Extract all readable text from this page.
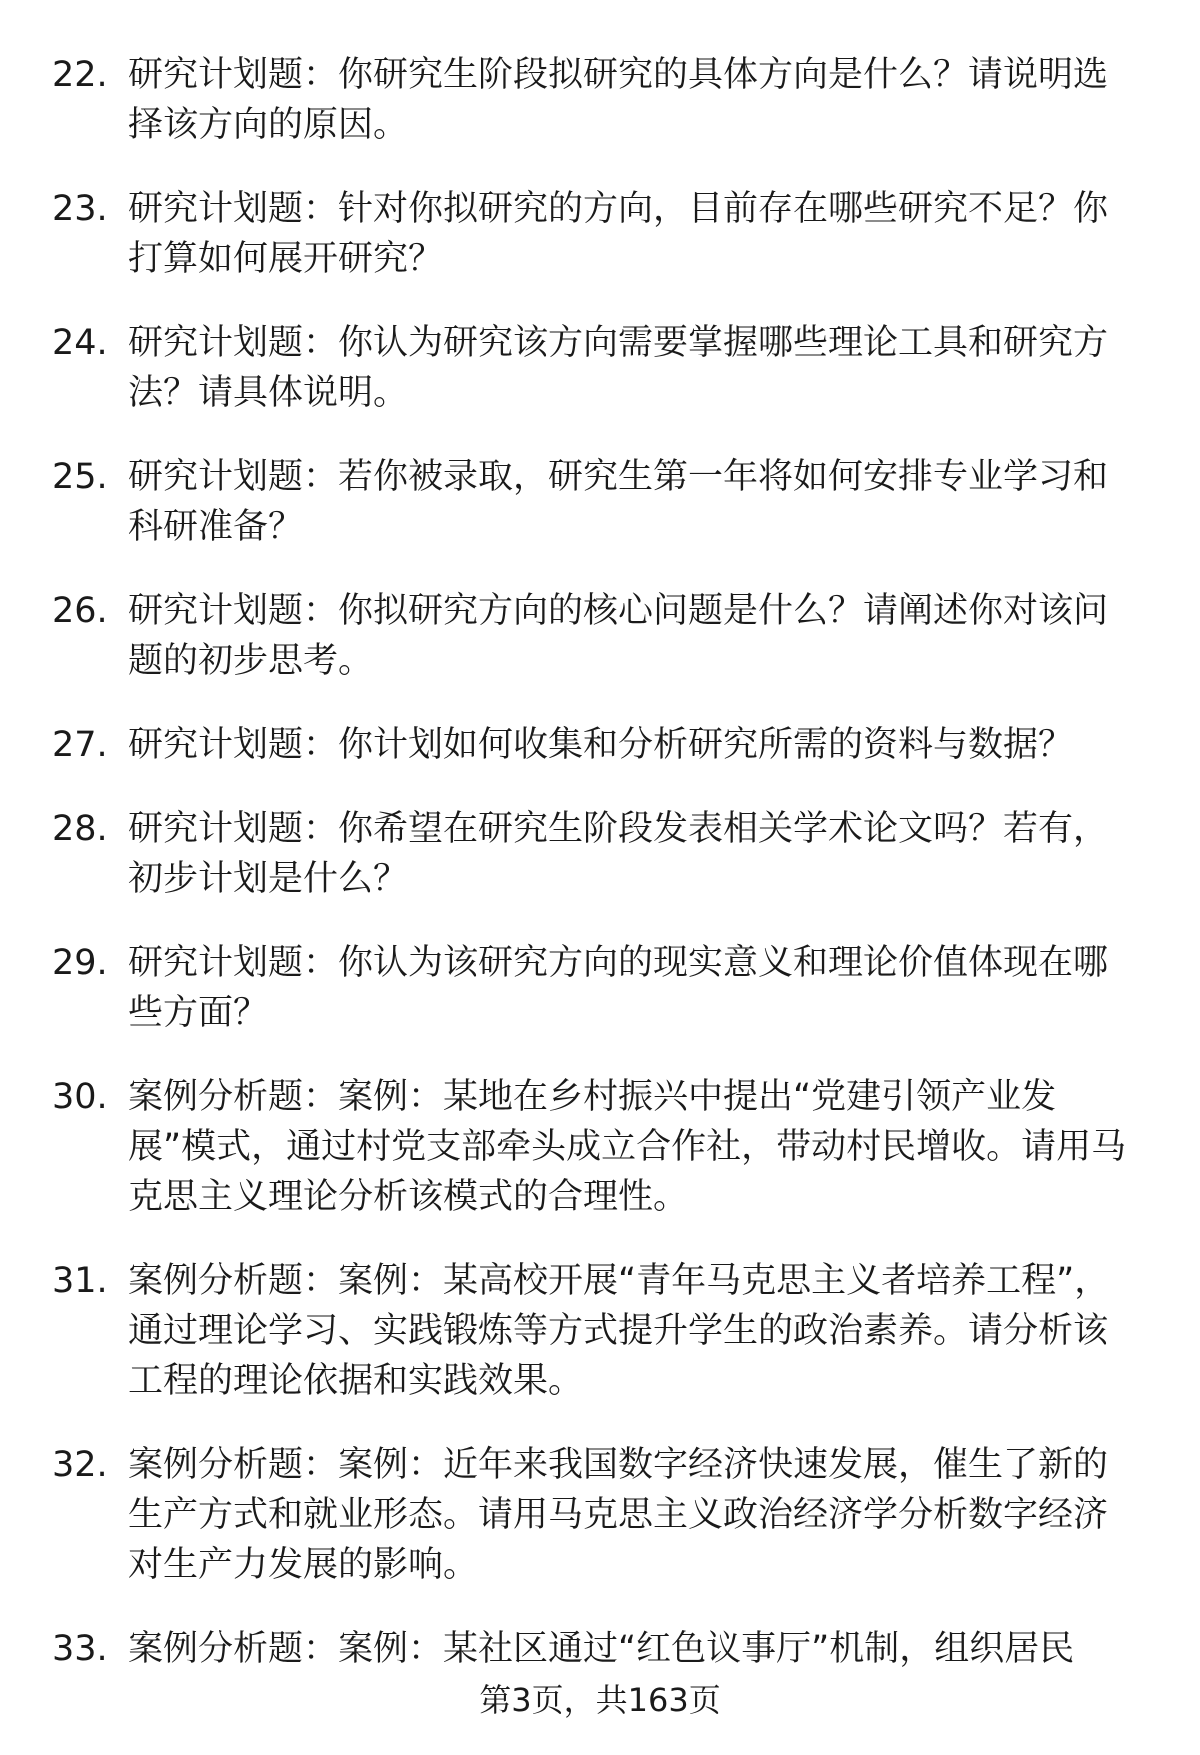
22. 研究计划题：你研究生阶段拟研究的具体方向是什么？请说明选择该方向的原因。
23. 研究计划题：针对你拟研究的方向，目前存在哪些研究不足？你打算如何展开研究？
24. 研究计划题：你认为研究该方向需要掌握哪些理论工具和研究方法？请具体说明。
25. 研究计划题：若你被录取，研究生第一年将如何安排专业学习和科研准备？
26. 研究计划题：你拟研究方向的核心问题是什么？请阐述你对该问题的初步思考。
27. 研究计划题：你计划如何收集和分析研究所需的资料与数据？
28. 研究计划题：你希望在研究生阶段发表相关学术论文吗？若有，初步计划是什么？
29. 研究计划题：你认为该研究方向的现实意义和理论价值体现在哪些方面？
30. 案例分析题：案例：某地在乡村振兴中提出“党建引领产业发展”模式，通过村党支部牵头成立合作社，带动村民增收。请用马克思主义理论分析该模式的合理性。
31. 案例分析题：案例：某高校开展“青年马克思主义者培养工程”，通过理论学习、实践锻炼等方式提升学生的政治素养。请分析该工程的理论依据和实践效果。
32. 案例分析题：案例：近年来我国数字经济快速发展，催生了新的生产方式和就业形态。请用马克思主义政治经济学分析数字经济对生产力发展的影响。
33. 案例分析题：案例：某社区通过“红色议事厅”机制，组织居民
第3页，共163页
